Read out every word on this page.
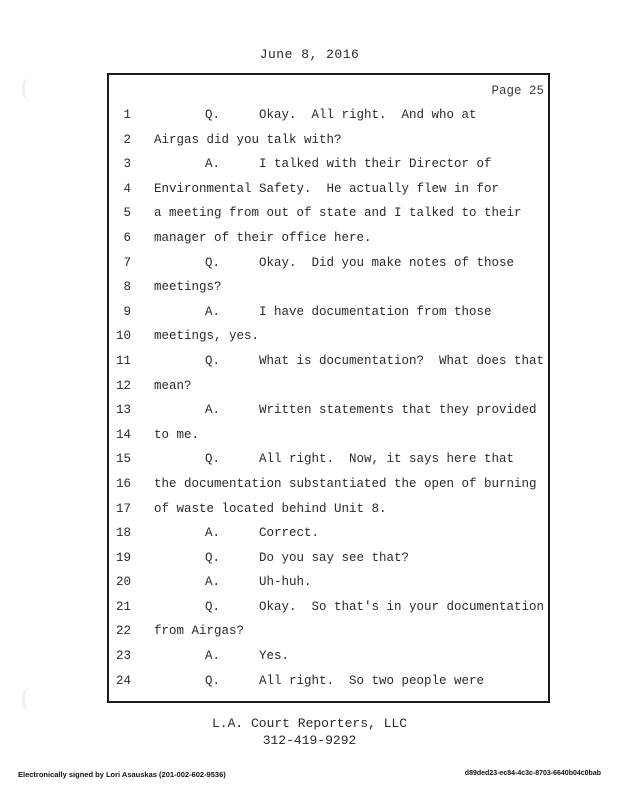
June 8, 2016
Page 25
1	Q.	Okay.  All right.  And who at
2 Airgas did you talk with?
3	A.	I talked with their Director of
4 Environmental Safety.  He actually flew in for
5 a meeting from out of state and I talked to their
6 manager of their office here.
7	Q.	Okay.  Did you make notes of those
8 meetings?
9	A.	I have documentation from those
10 meetings, yes.
11	Q.	What is documentation?  What does that
12 mean?
13	A.	Written statements that they provided
14 to me.
15	Q.	All right.  Now, it says here that
16 the documentation substantiated the open of burning
17 of waste located behind Unit 8.
18	A.	Correct.
19	Q.	Do you say see that?
20	A.	Uh-huh.
21	Q.	Okay.  So that's in your documentation
22 from Airgas?
23	A.	Yes.
24	Q.	All right.  So two people were
L.A. Court Reporters, LLC
312-419-9292
Electronically signed by Lori Asauskas (201-002-602-9536)	d89ded23-ec84-4c3c-8703-6640b04c0bab
